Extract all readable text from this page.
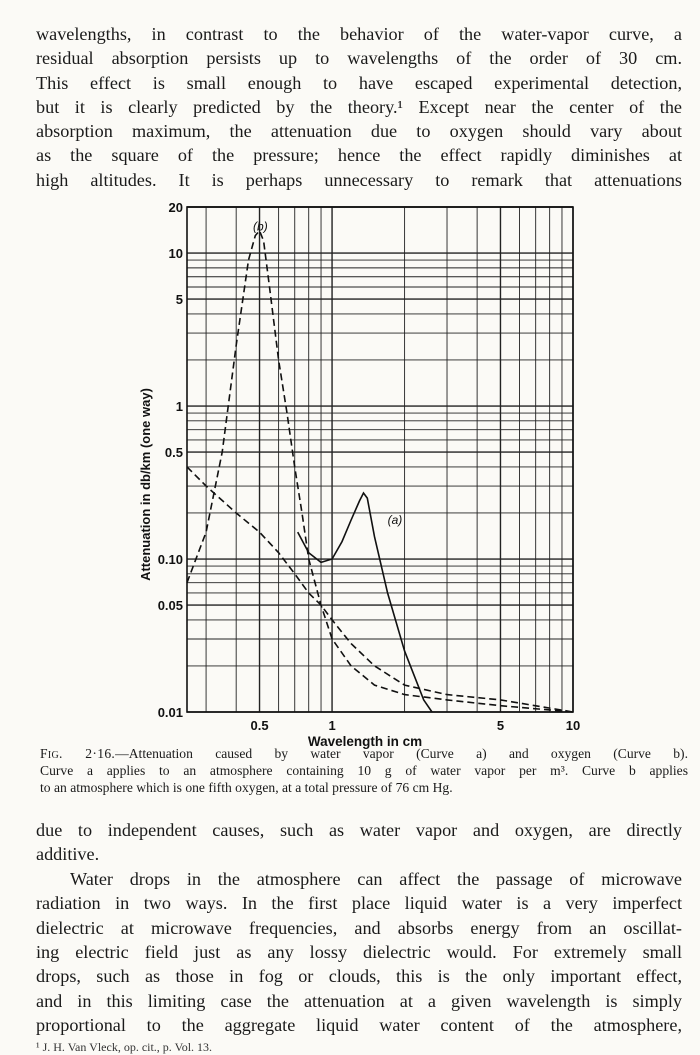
wavelengths, in contrast to the behavior of the water-vapor curve, a
residual absorption persists up to wavelengths of the order of 30 cm.
This effect is small enough to have escaped experimental detection,
but it is clearly predicted by the theory.¹ Except near the center of the
absorption maximum, the attenuation due to oxygen should vary about
as the square of the pressure; hence the effect rapidly diminishes at
high altitudes. It is perhaps unnecessary to remark that attenuations
(b)
(a)
0.5	1	5	10
0.01
0.05
0.10
0.5
1
5
10
20
Wavelength in cm
Attenuation in db/km (one way)
Fig. 2·16.—Attenuation caused by water vapor (Curve a) and oxygen (Curve b).
Curve a applies to an atmosphere containing 10 g of water vapor per m³. Curve b applies
to an atmosphere which is one fifth oxygen, at a total pressure of 76 cm Hg.
due to independent causes, such as water vapor and oxygen, are directly
additive.
Water drops in the atmosphere can affect the passage of microwave
radiation in two ways. In the first place liquid water is a very imperfect
dielectric at microwave frequencies, and absorbs energy from an oscillat-
ing electric field just as any lossy dielectric would. For extremely small
drops, such as those in fog or clouds, this is the only important effect,
and in this limiting case the attenuation at a given wavelength is simply
proportional to the aggregate liquid water content of the atmosphere,
¹ J. H. Van Vleck, op. cit., p. Vol. 13.
